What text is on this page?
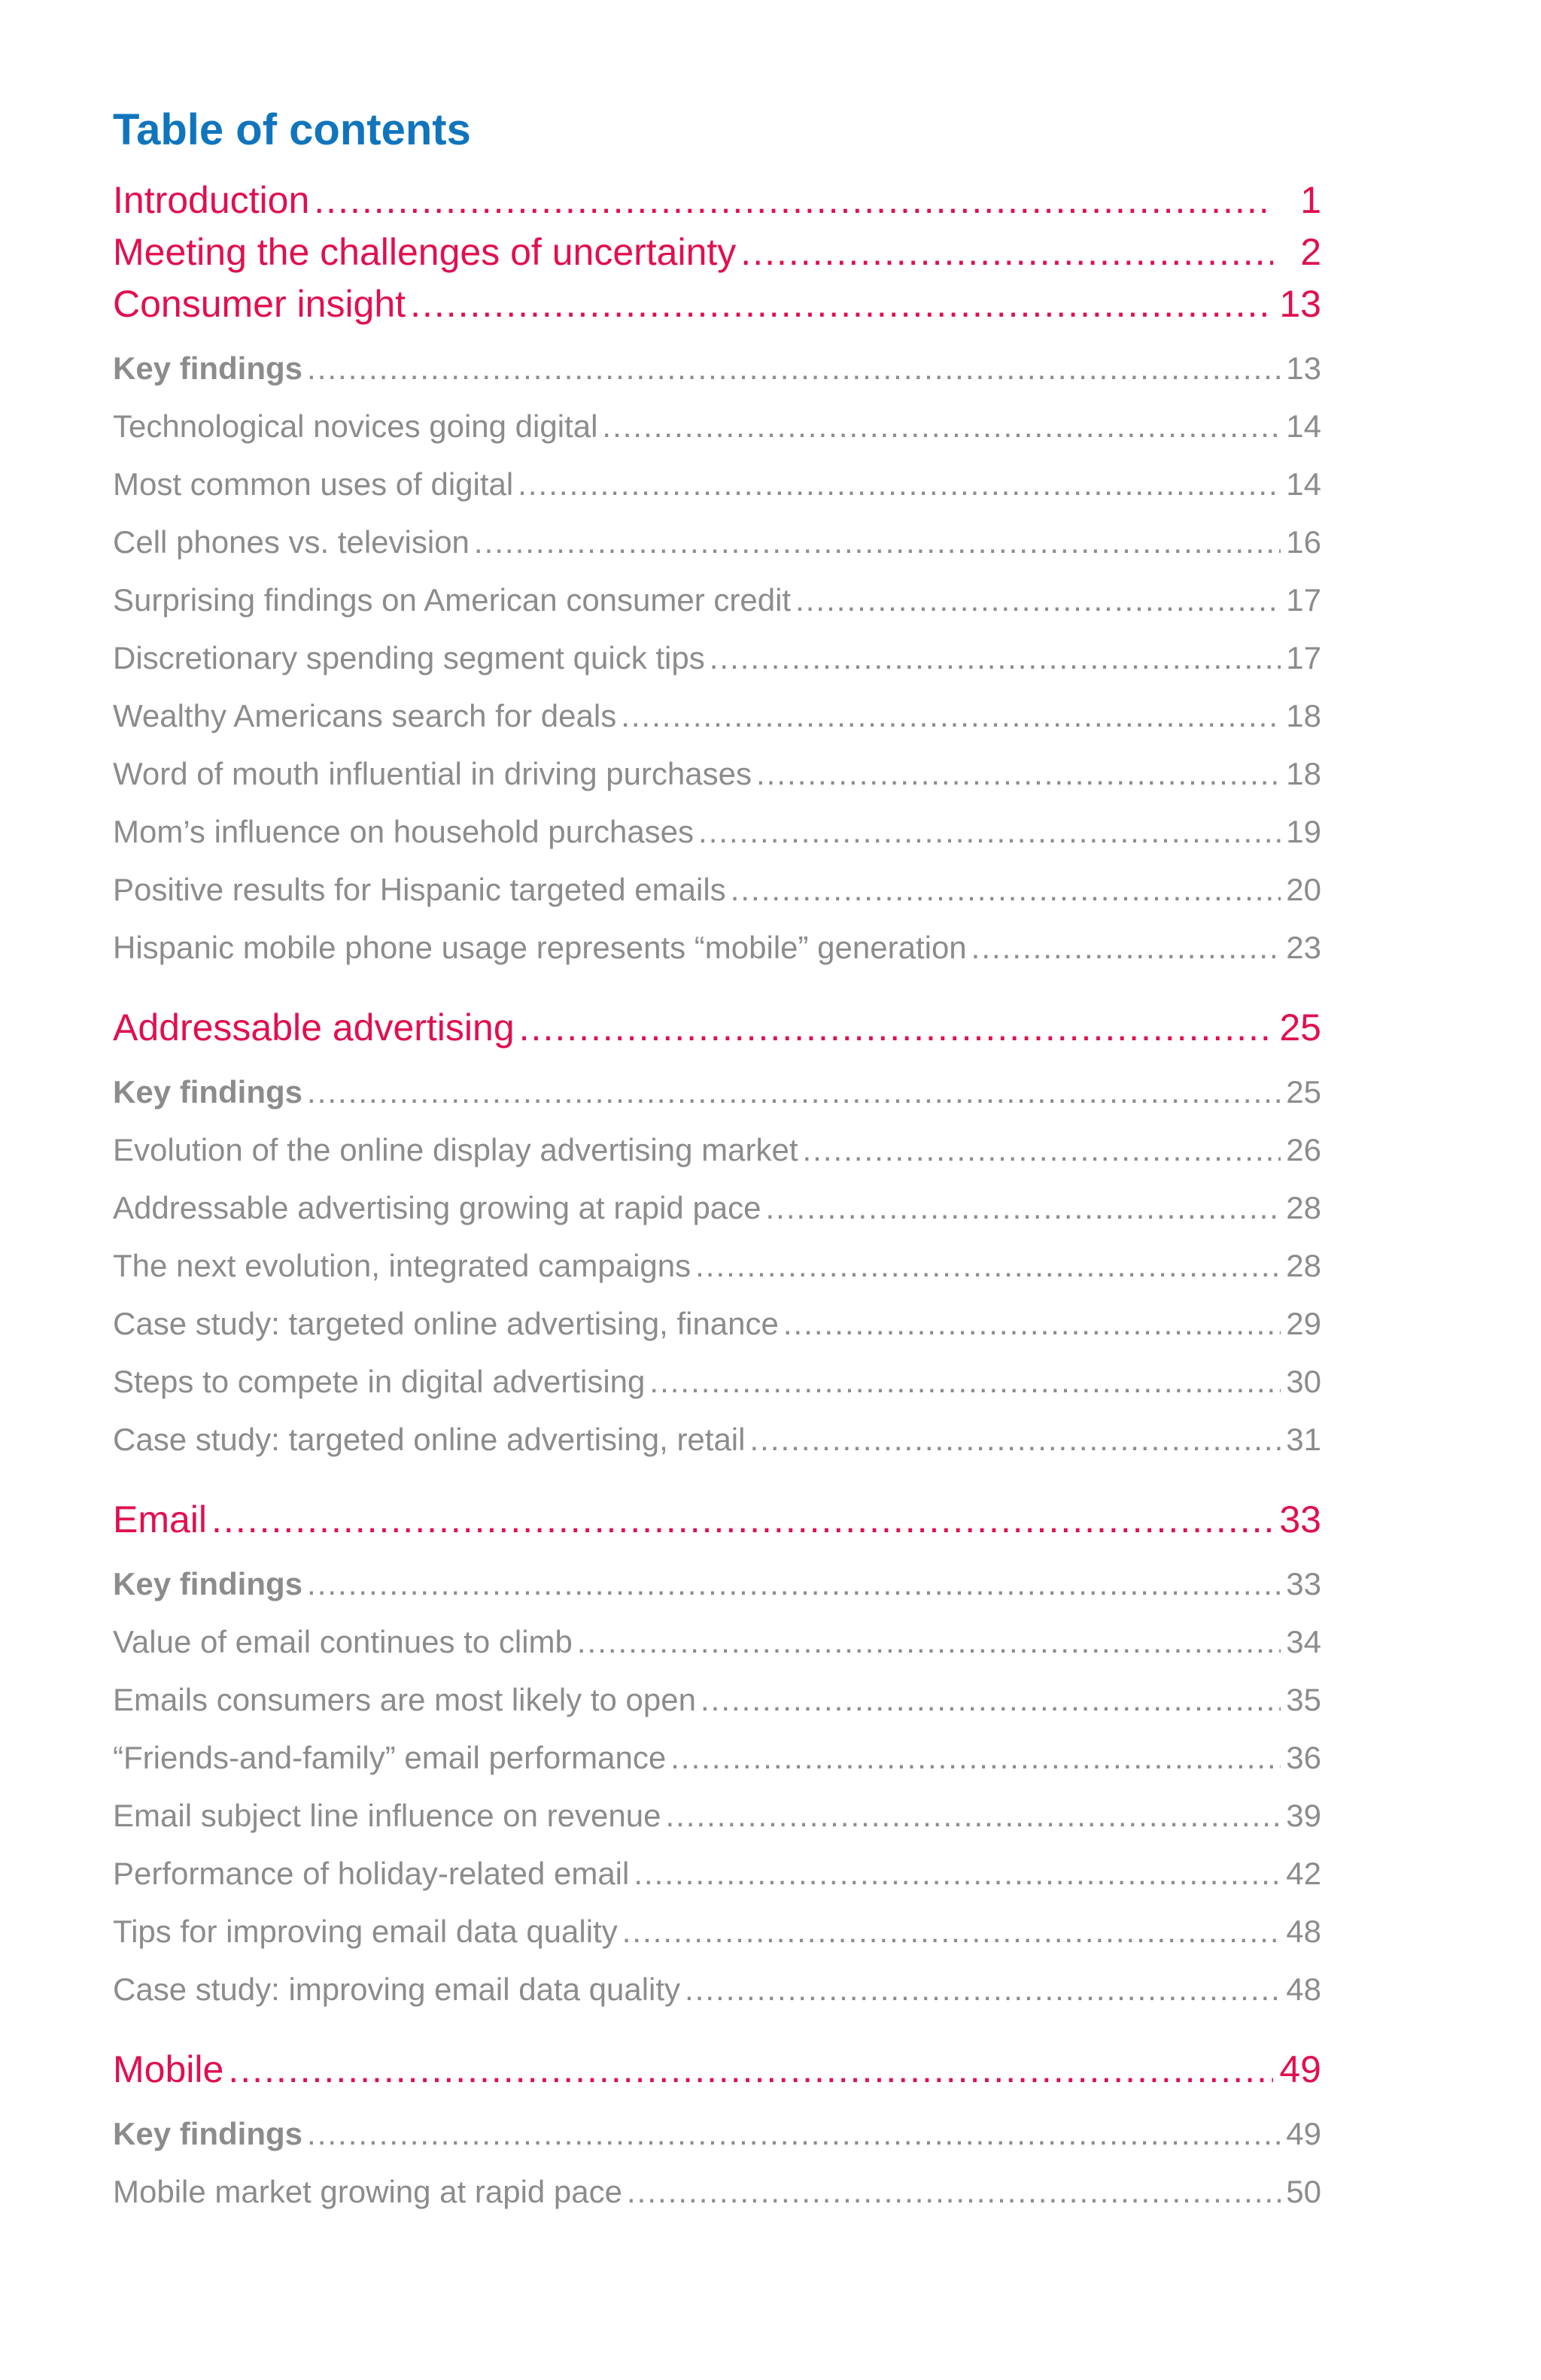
Table of contents
Introduction .....	1
Meeting the challenges of uncertainty .....	2
Consumer insight .....	13
Key findings .....	13
Technological novices going digital .....	14
Most common uses of digital .....	14
Cell phones vs. television .....	16
Surprising findings on American consumer credit .....	17
Discretionary spending segment quick tips .....	17
Wealthy Americans search for deals .....	18
Word of mouth influential in driving purchases .....	18
Mom’s influence on household purchases .....	19
Positive results for Hispanic targeted emails .....	20
Hispanic mobile phone usage represents “mobile” generation .....	23
Addressable advertising .....	25
Key findings .....	25
Evolution of the online display advertising market .....	26
Addressable advertising growing at rapid pace .....	28
The next evolution, integrated campaigns .....	28
Case study: targeted online advertising, finance .....	29
Steps to compete in digital advertising .....	30
Case study: targeted online advertising, retail .....	31
Email .....	33
Key findings .....	33
Value of email continues to climb .....	34
Emails consumers are most likely to open .....	35
“Friends-and-family” email performance .....	36
Email subject line influence on revenue .....	39
Performance of holiday-related email .....	42
Tips for improving email data quality .....	48
Case study: improving email data quality .....	48
Mobile .....	49
Key findings .....	49
Mobile market growing at rapid pace .....	50
